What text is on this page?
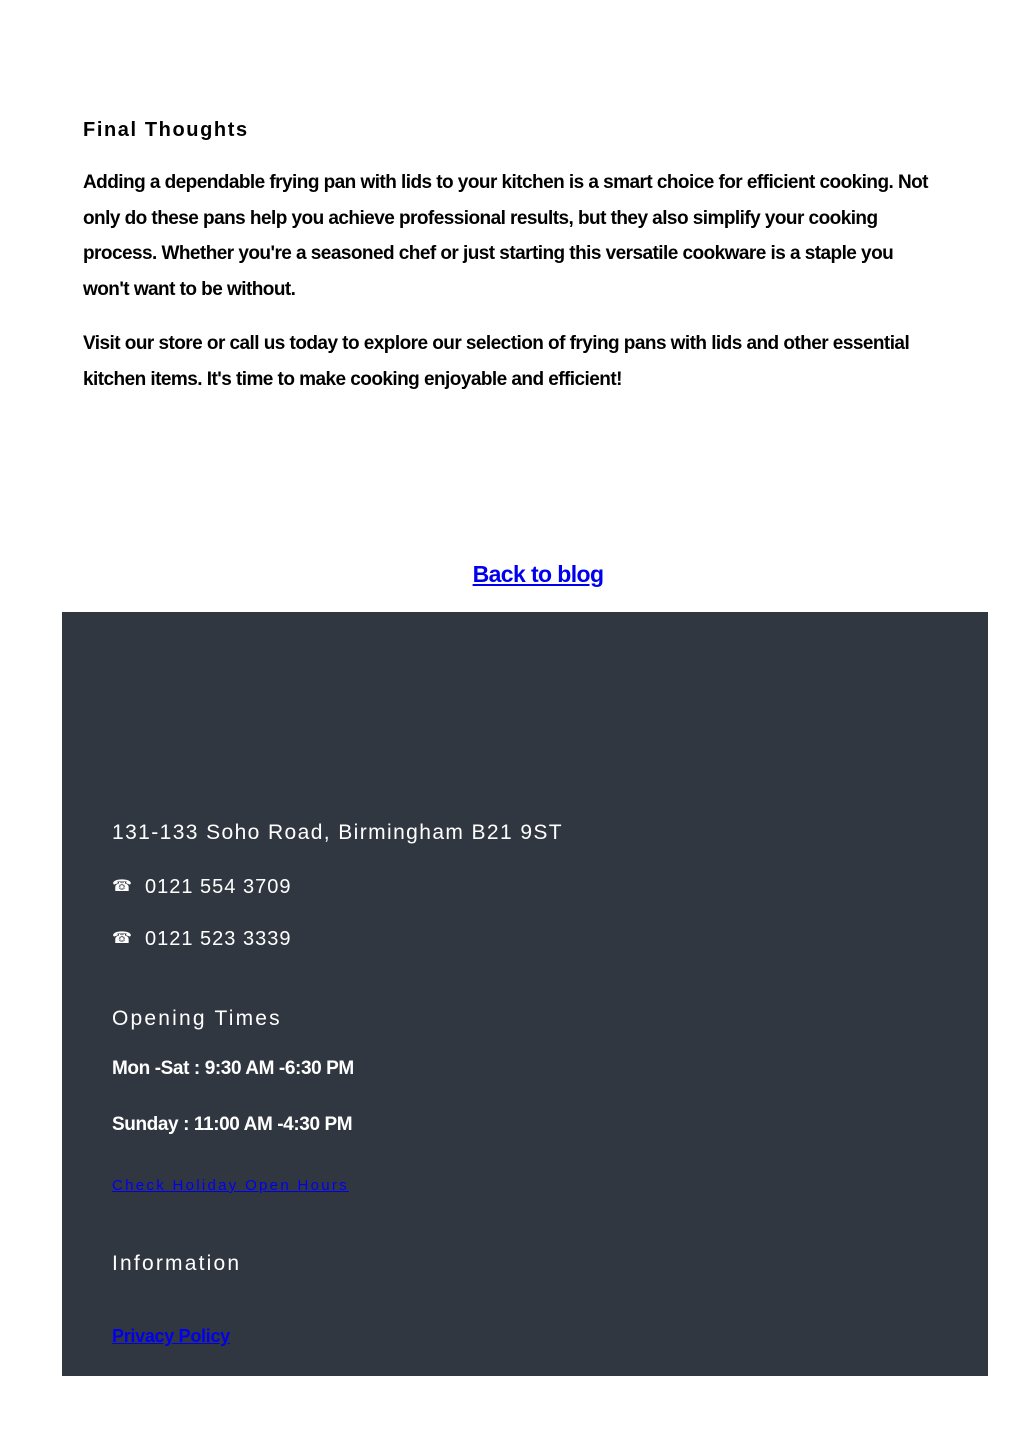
Final Thoughts

Adding a dependable frying pan with lids to your kitchen is a smart choice for efficient cooking. Not only do these pans help you achieve professional results, but they also simplify your cooking process. Whether you're a seasoned chef or just starting this versatile cookware is a staple you won't want to be without.

Visit our store or call us today to explore our selection of frying pans with lids and other essential kitchen items. It's time to make cooking enjoyable and efficient!

Back to blog
131-133 Soho Road, Birmingham B21 9ST
☎ 0121 554 3709
☎ 0121 523 3339
Opening Times
Mon -Sat : 9:30 AM -6:30 PM
Sunday : 11:00 AM -4:30 PM
Check Holiday Open Hours
Information
Privacy Policy
